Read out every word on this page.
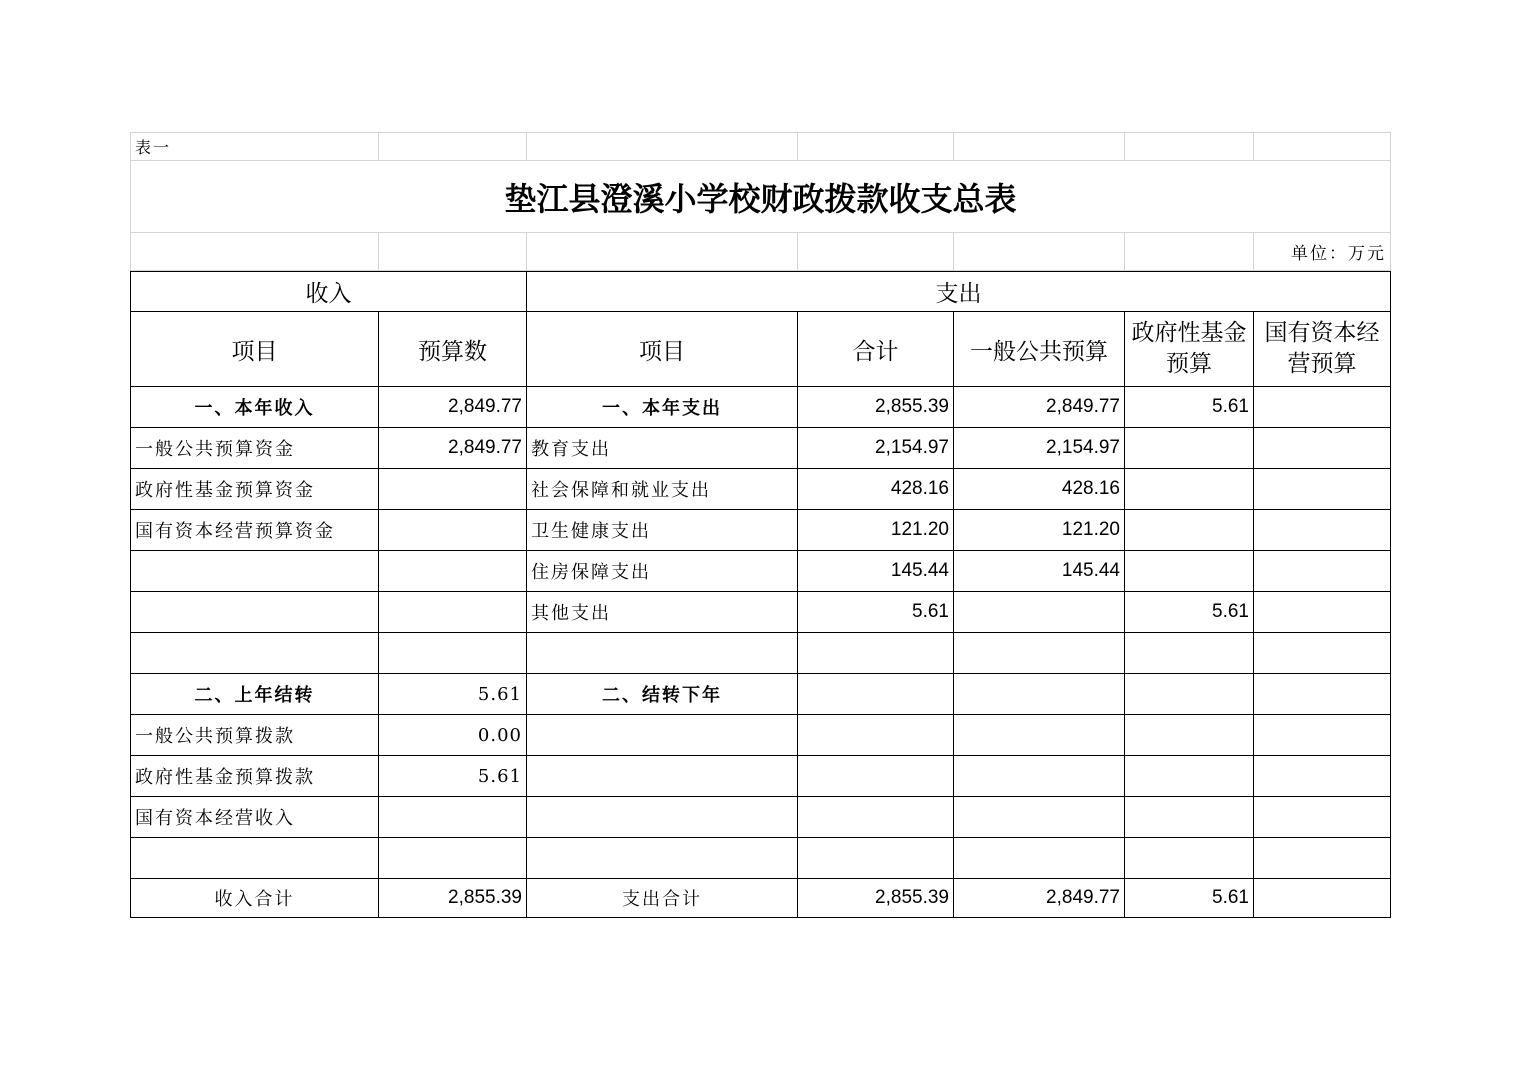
表一						
垫江县澄溪小学校财政拨款收支总表						
						单位：万元
收入		支出				
项目	预算数	项目	合计	一般公共预算	政府性基金预算	国有资本经营预算
一、本年收入	2,849.77	一、本年支出	2,855.39	2,849.77	5.61	
一般公共预算资金	2,849.77	教育支出	2,154.97	2,154.97		
政府性基金预算资金		社会保障和就业支出	428.16	428.16		
国有资本经营预算资金		卫生健康支出	121.20	121.20		
		住房保障支出	145.44	145.44		
		其他支出	5.61		5.61	

二、上年结转	5.61	二、结转下年				
一般公共预算拨款	0.00					
政府性基金预算拨款	5.61					
国有资本经营收入						

收入合计	2,855.39	支出合计	2,855.39	2,849.77	5.61	
